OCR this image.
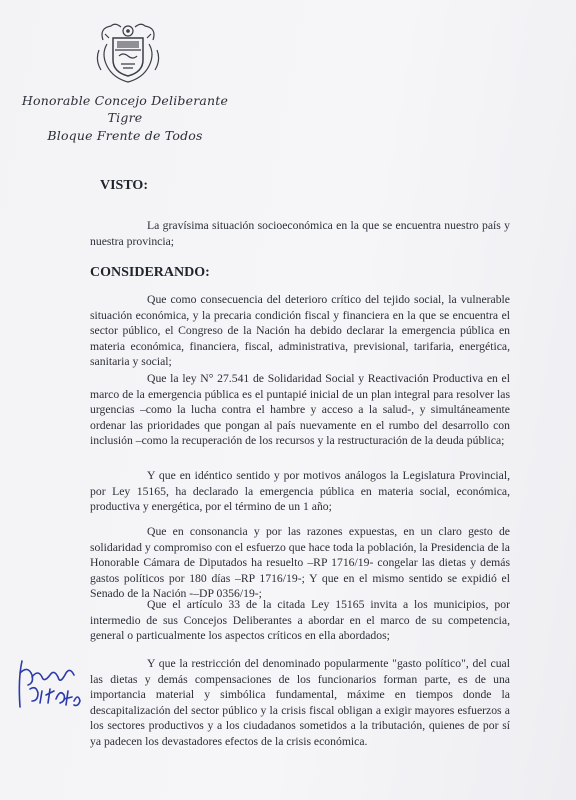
Honorable Concejo Deliberante
Tigre
Bloque Frente de Todos
VISTO:
La gravísima situación socioeconómica en la que se encuentra nuestro país y nuestra provincia;
CONSIDERANDO:
Que como consecuencia del deterioro crítico del tejido social, la vulnerable situación económica, y la precaria condición fiscal y financiera en la que se encuentra el sector público, el Congreso de la Nación ha debido declarar la emergencia pública en materia económica, financiera, fiscal, administrativa, previsional, tarifaria, energética, sanitaria y social;
Que la ley N° 27.541 de Solidaridad Social y Reactivación Productiva en el marco de la emergencia pública es el puntapié inicial de un plan integral para resolver las urgencias –como la lucha contra el hambre y acceso a la salud-, y simultáneamente ordenar las prioridades que pongan al país nuevamente en el rumbo del desarrollo con inclusión –como la recuperación de los recursos y la restructuración de la deuda pública;
Y que en idéntico sentido y por motivos análogos la Legislatura Provincial, por Ley 15165, ha declarado la emergencia pública en materia social, económica, productiva y energética, por el término de un 1 año;
Que en consonancia y por las razones expuestas, en un claro gesto de solidaridad y compromiso con el esfuerzo que hace toda la población, la Presidencia de la Honorable Cámara de Diputados ha resuelto –RP 1716/19- congelar las dietas y demás gastos políticos por 180 días –RP 1716/19-; Y que en el mismo sentido se expidió el Senado de la Nación -–DP 0356/19-;
Que el artículo 33 de la citada Ley 15165 invita a los municipios, por intermedio de sus Concejos Deliberantes a abordar en el marco de su competencia, general o particualmente los aspectos críticos en ella abordados;
Y que la restricción del denominado popularmente "gasto político", del cual las dietas y demás compensaciones de los funcionarios forman parte, es de una importancia material y simbólica fundamental, máxime en tiempos donde la descapitalización del sector público y la crisis fiscal obligan a exigir mayores esfuerzos a los sectores productivos y a los ciudadanos sometidos a la tributación, quienes de por sí ya padecen los devastadores efectos de la crisis económica.
